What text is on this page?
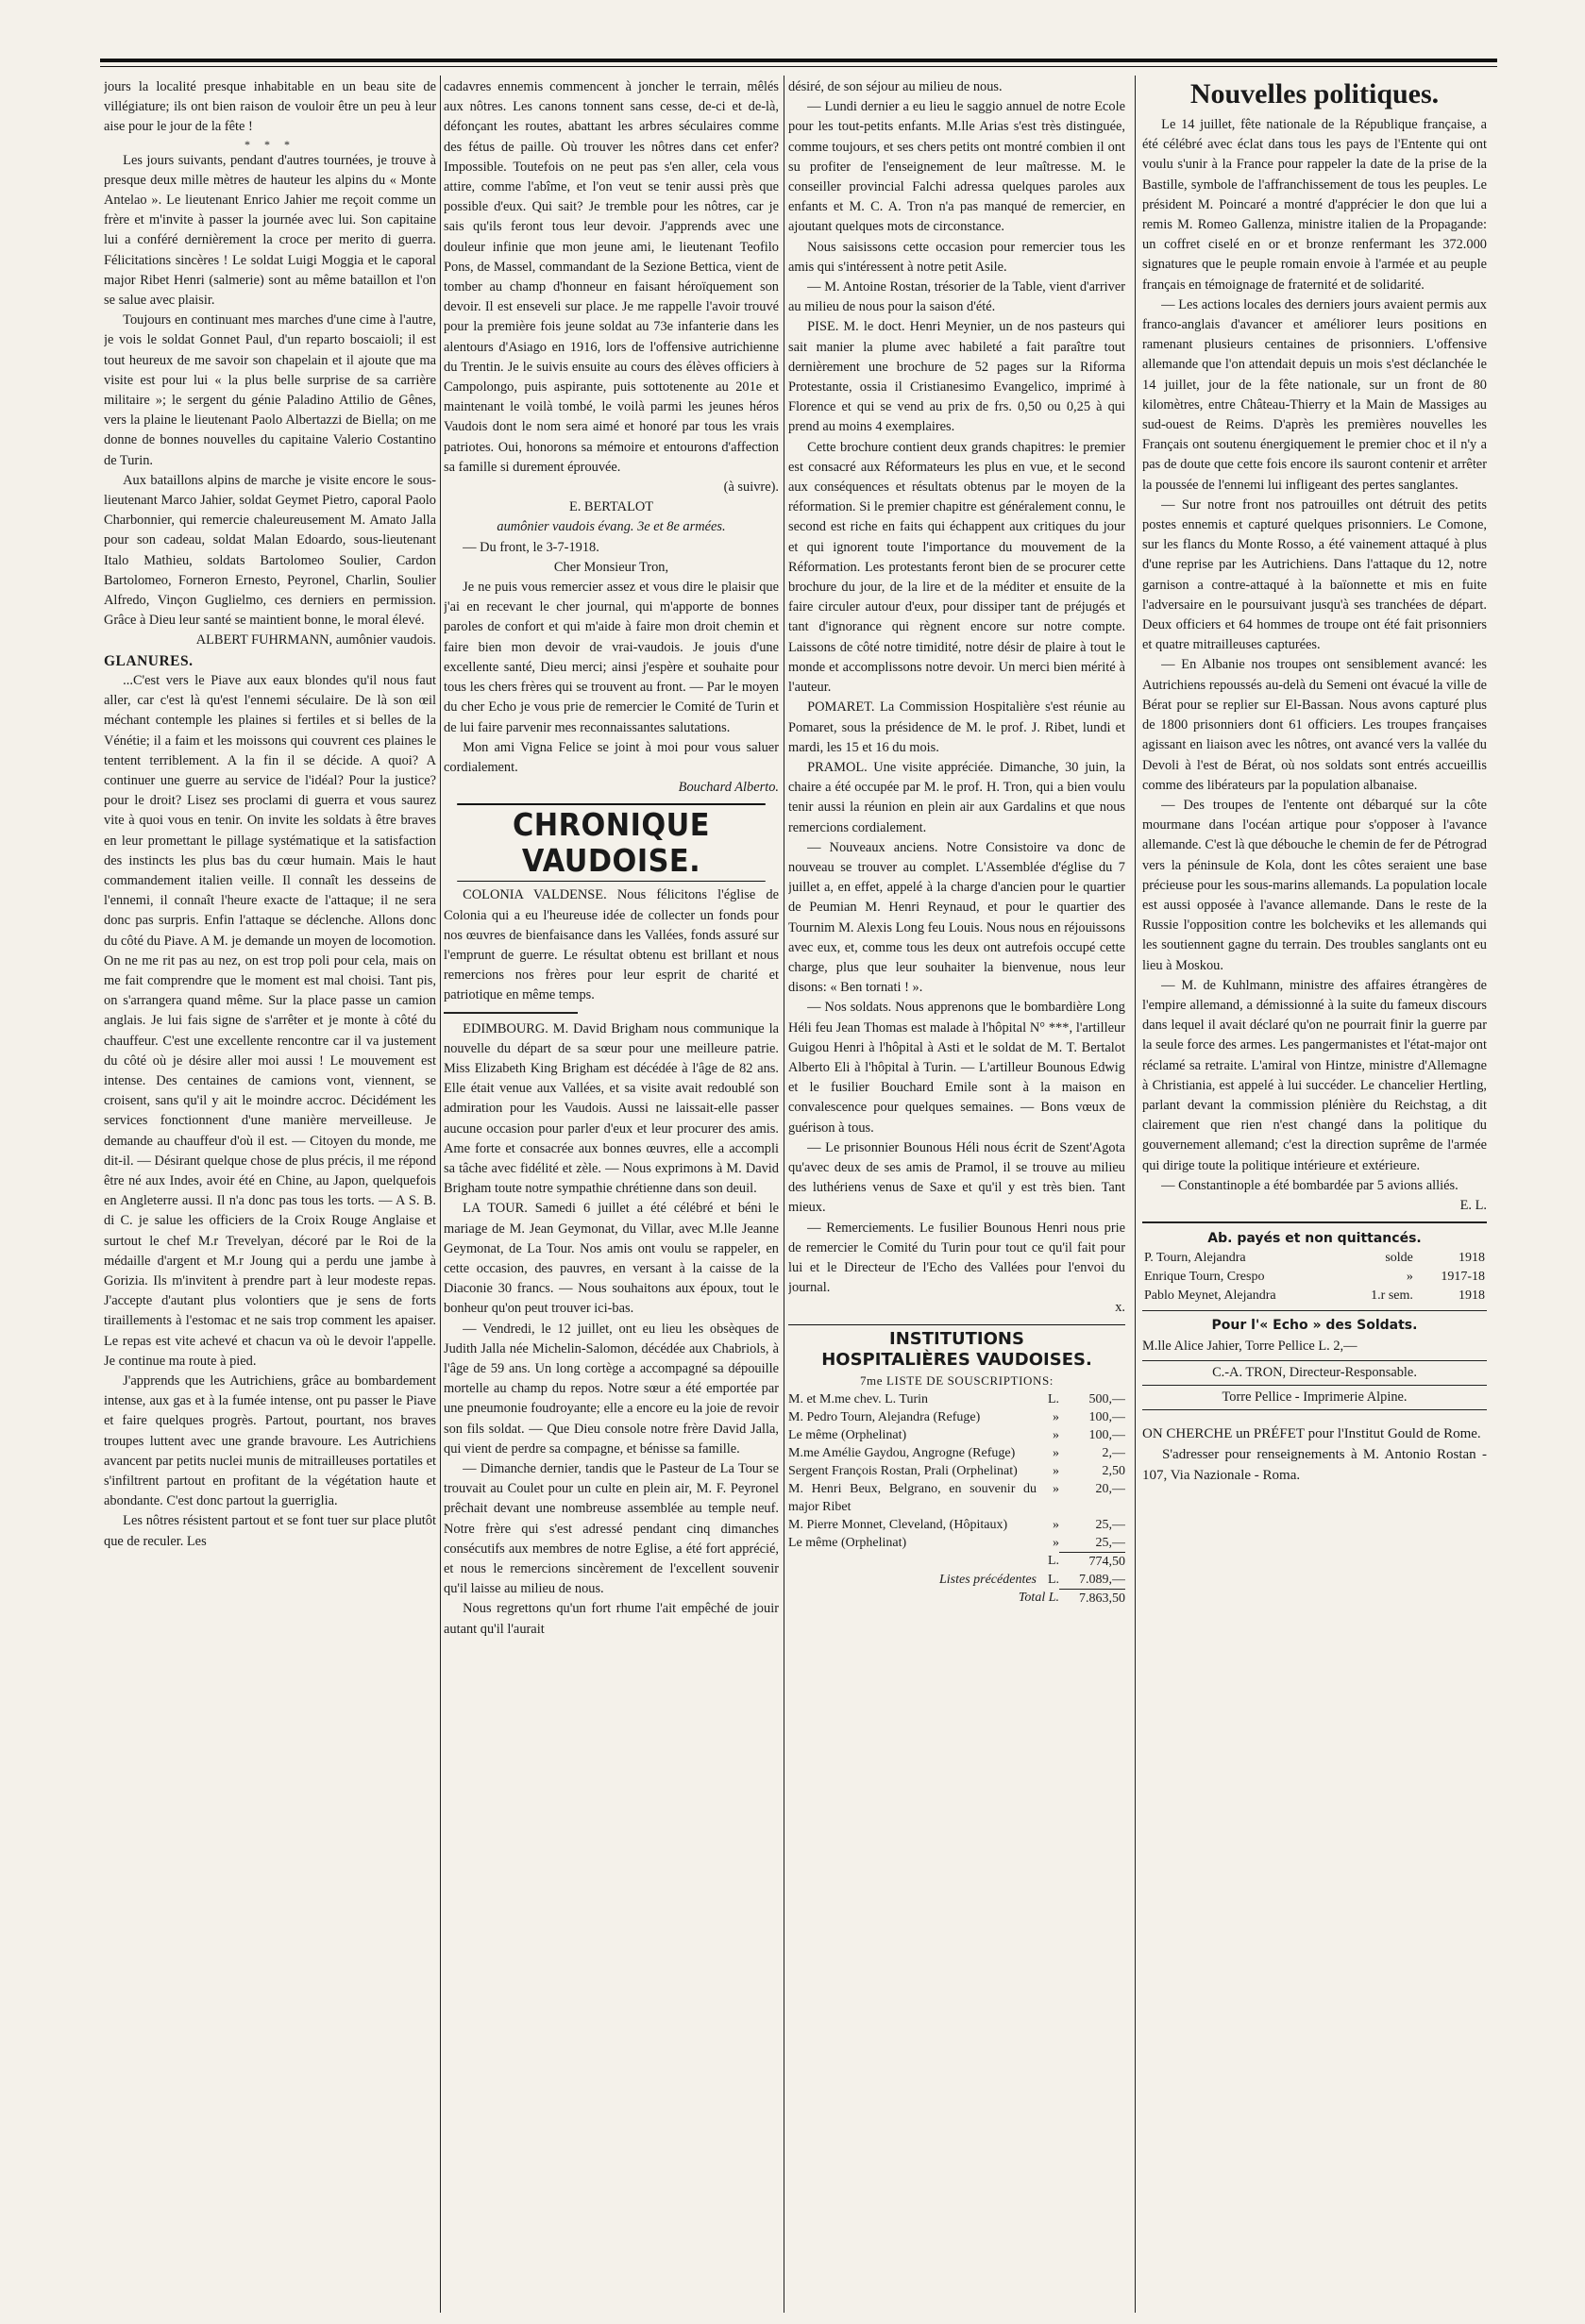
jours la localité presque inhabitable en un beau site de villégiature; ils ont bien raison de vouloir être un peu à leur aise pour le jour de la fête !

* * *

Les jours suivants, pendant d'autres tournées, je trouve à presque deux mille mètres de hauteur les alpins du « Monte Antelao ». Le lieutenant Enrico Jahier me reçoit comme un frère et m'invite à passer la journée avec lui. Son capitaine lui a conféré dernièrement la croce per merito di guerra. Félicitations sincères ! Le soldat Luigi Moggia et le caporal major Ribet Henri (salmerie) sont au même bataillon et l'on se salue avec plaisir.

Toujours en continuant mes marches d'une cime à l'autre, je vois le soldat Gonnet Paul, d'un reparto boscaioli; il est tout heureux de me savoir son chapelain et il ajoute que ma visite est pour lui « la plus belle surprise de sa carrière militaire »; le sergent du génie Paladino Attilio de Gênes, vers la plaine le lieutenant Paolo Albertazzi de Biella; on me donne de bonnes nouvelles du capitaine Valerio Costantino de Turin.

Aux bataillons alpins de marche je visite encore le sous-lieutenant Marco Jahier, soldat Geymet Pietro, caporal Paolo Charbonnier, qui remercie chaleureusement M. Amato Jalla pour son cadeau, soldat Malan Edoardo, sous-lieutenant Italo Mathieu, soldats Bartolomeo Soulier, Cardon Bartolomeo, Forneron Ernesto, Peyronel, Charlin, Soulier Alfredo, Vinçon Guglielmo, ces derniers en permission. Grâce à Dieu leur santé se maintient bonne, le moral élevé.

ALBERT FUHRMANN, aumônier vaudois.

GLANURES.

...C'est vers le Piave aux eaux blondes qu'il nous faut aller, car c'est là qu'est l'ennemi séculaire. De là son œil méchant contemple les plaines si fertiles et si belles de la Vénétie; il a faim et les moissons qui couvrent ces plaines le tentent terriblement. A la fin il se décide. A quoi? A continuer une guerre au service de l'idéal? Pour la justice? pour le droit? Lisez ses proclami di guerra et vous saurez vite à quoi vous en tenir. On invite les soldats à être braves en leur promettant le pillage systématique et la satisfaction des instincts les plus bas du cœur humain. Mais le haut commandement italien veille. Il connaît les desseins de l'ennemi, il connaît l'heure exacte de l'attaque; il ne sera donc pas surpris. Enfin l'attaque se déclenche. Allons donc du côté du Piave. A M. je demande un moyen de locomotion. On ne me rit pas au nez, on est trop poli pour cela, mais on me fait comprendre que le moment est mal choisi. Tant pis, on s'arrangera quand même. Sur la place passe un camion anglais. Je lui fais signe de s'arrêter et je monte à côté du chauffeur. C'est une excellente rencontre car il va justement du côté où je désire aller moi aussi ! Le mouvement est intense. Des centaines de camions vont, viennent, se croisent, sans qu'il y ait le moindre accroc. Décidément les services fonctionnent d'une manière merveilleuse. Je demande au chauffeur d'où il est. — Citoyen du monde, me dit-il. — Désirant quelque chose de plus précis, il me répond être né aux Indes, avoir été en Chine, au Japon, quelquefois en Angleterre aussi. Il n'a donc pas tous les torts. — A S. B. di C. je salue les officiers de la Croix Rouge Anglaise et surtout le chef M.r Trevelyan, décoré par le Roi de la médaille d'argent et M.r Joung qui a perdu une jambe à Gorizia. Ils m'invitent à prendre part à leur modeste repas. J'accepte d'autant plus volontiers que je sens de forts tiraillements à l'estomac et ne sais trop comment les apaiser. Le repas est vite achevé et chacun va où le devoir l'appelle. Je continue ma route à pied.

J'apprends que les Autrichiens, grâce au bombardement intense, aux gas et à la fumée intense, ont pu passer le Piave et faire quelques progrès. Partout, pourtant, nos braves troupes luttent avec une grande bravoure. Les Autrichiens avancent par petits nuclei munis de mitrailleuses portatiles et s'infiltrent partout en profitant de la végétation haute et abondante. C'est donc partout la guerriglia.

Les nôtres résistent partout et se font tuer sur place plutôt que de reculer. Les

cadavres ennemis commencent à joncher le terrain, mêlés aux nôtres. Les canons tonnent sans cesse, de-ci et de-là, défonçant les routes, abattant les arbres séculaires comme des fétus de paille. Où trouver les nôtres dans cet enfer? Impossible. Toutefois on ne peut pas s'en aller, cela vous attire, comme l'abîme, et l'on veut se tenir aussi près que possible d'eux. Qui sait? Je tremble pour les nôtres, car je sais qu'ils feront tous leur devoir. J'apprends avec une douleur infinie que mon jeune ami, le lieutenant Teofilo Pons, de Massel, commandant de la Sezione Bettica, vient de tomber au champ d'honneur en faisant héroïquement son devoir. Il est enseveli sur place. Je me rappelle l'avoir trouvé pour la première fois jeune soldat au 73e infanterie dans les alentours d'Asiago en 1916, lors de l'offensive autrichienne du Trentin. Je le suivis ensuite au cours des élèves officiers à Campolongo, puis aspirante, puis sottotenente au 201e et maintenant le voilà tombé, le voilà parmi les jeunes héros Vaudois dont le nom sera aimé et honoré par tous les vrais patriotes. Oui, honorons sa mémoire et entourons d'affection sa famille si durement éprouvée.

(à suivre).

E. BERTALOT

aumônier vaudois évang. 3e et 8e armées.

— Du front, le 3-7-1918.

Cher Monsieur Tron,

Je ne puis vous remercier assez et vous dire le plaisir que j'ai en recevant le cher journal, qui m'apporte de bonnes paroles de confort et qui m'aide à faire mon droit chemin et faire bien mon devoir de vrai-vaudois. Je jouis d'une excellente santé, Dieu merci; ainsi j'espère et souhaite pour tous les chers frères qui se trouvent au front. — Par le moyen du cher Echo je vous prie de remercier le Comité de Turin et de lui faire parvenir mes reconnaissantes salutations.

Mon ami Vigna Felice se joint à moi pour vous saluer cordialement.

Bouchard Alberto.

CHRONIQUE VAUDOISE.

COLONIA VALDENSE. Nous félicitons l'église de Colonia qui a eu l'heureuse idée de collecter un fonds pour nos œuvres de bienfaisance dans les Vallées, fonds assuré sur l'emprunt de guerre. Le résultat obtenu est brillant et nous remercions nos frères pour leur esprit de charité et patriotique en même temps.

EDIMBOURG. M. David Brigham nous communique la nouvelle du départ de sa sœur pour une meilleure patrie. Miss Elizabeth King Brigham est décédée à l'âge de 82 ans. Elle était venue aux Vallées, et sa visite avait redoublé son admiration pour les Vaudois. Aussi ne laissait-elle passer aucune occasion pour parler d'eux et leur procurer des amis. Ame forte et consacrée aux bonnes œuvres, elle a accompli sa tâche avec fidélité et zèle. — Nous exprimons à M. David Brigham toute notre sympathie chrétienne dans son deuil.

LA TOUR. Samedi 6 juillet a été célébré et béni le mariage de M. Jean Geymonat, du Villar, avec M.lle Jeanne Geymonat, de La Tour. Nos amis ont voulu se rappeler, en cette occasion, des pauvres, en versant à la caisse de la Diaconie 30 francs. — Nous souhaitons aux époux, tout le bonheur qu'on peut trouver ici-bas.

— Vendredi, le 12 juillet, ont eu lieu les obsèques de Judith Jalla née Michelin-Salomon, décédée aux Chabriols, à l'âge de 59 ans. Un long cortège a accompagné sa dépouille mortelle au champ du repos. Notre sœur a été emportée par une pneumonie foudroyante; elle a encore eu la joie de revoir son fils soldat. — Que Dieu console notre frère David Jalla, qui vient de perdre sa compagne, et bénisse sa famille.

— Dimanche dernier, tandis que le Pasteur de La Tour se trouvait au Coulet pour un culte en plein air, M. F. Peyronel prêchait devant une nombreuse assemblée au temple neuf. Notre frère qui s'est adressé pendant cinq dimanches consécutifs aux membres de notre Eglise, a été fort apprécié, et nous le remercions sincèrement de l'excellent souvenir qu'il laisse au milieu de nous.

Nous regrettons qu'un fort rhume l'ait empêché de jouir autant qu'il l'aurait

désiré, de son séjour au milieu de nous.

— Lundi dernier a eu lieu le saggio annuel de notre Ecole pour les tout-petits enfants. M.lle Arias s'est très distinguée, comme toujours, et ses chers petits ont montré combien il ont su profiter de l'enseignement de leur maîtresse. M. le conseiller provincial Falchi adressa quelques paroles aux enfants et M. C. A. Tron n'a pas manqué de remercier, en ajoutant quelques mots de circonstance.

Nous saisissons cette occasion pour remercier tous les amis qui s'intéressent à notre petit Asile.

— M. Antoine Rostan, trésorier de la Table, vient d'arriver au milieu de nous pour la saison d'été.

PISE. M. le doct. Henri Meynier, un de nos pasteurs qui sait manier la plume avec habileté a fait paraître tout dernièrement une brochure de 52 pages sur la Riforma Protestante, ossia il Cristianesimo Evangelico, imprimé à Florence et qui se vend au prix de frs. 0,50 ou 0,25 à qui prend au moins 4 exemplaires.

Cette brochure contient deux grands chapitres: le premier est consacré aux Réformateurs les plus en vue, et le second aux conséquences et résultats obtenus par le moyen de la réformation. Si le premier chapitre est généralement connu, le second est riche en faits qui échappent aux critiques du jour et qui ignorent toute l'importance du mouvement de la Réformation. Les protestants feront bien de se procurer cette brochure du jour, de la lire et de la méditer et ensuite de la faire circuler autour d'eux, pour dissiper tant de préjugés et tant d'ignorance qui règnent encore sur notre compte. Laissons de côté notre timidité, notre désir de plaire à tout le monde et accomplissons notre devoir. Un merci bien mérité à l'auteur.

POMARET. La Commission Hospitalière s'est réunie au Pomaret, sous la présidence de M. le prof. J. Ribet, lundi et mardi, les 15 et 16 du mois.

PRAMOL. Une visite appréciée. Dimanche, 30 juin, la chaire a été occupée par M. le prof. H. Tron, qui a bien voulu tenir aussi la réunion en plein air aux Gardalins et que nous remercions cordialement.

— Nouveaux anciens. Notre Consistoire va donc de nouveau se trouver au complet. L'Assemblée d'église du 7 juillet a, en effet, appelé à la charge d'ancien pour le quartier de Peumian M. Henri Reynaud, et pour le quartier des Tournim M. Alexis Long feu Louis. Nous nous en réjouissons avec eux, et, comme tous les deux ont autrefois occupé cette charge, plus que leur souhaiter la bienvenue, nous leur disons: « Ben tornati ! ».

— Nos soldats. Nous apprenons que le bombardière Long Héli feu Jean Thomas est malade à l'hôpital N° ***, l'artilleur Guigou Henri à l'hôpital à Asti et le soldat de M. T. Bertalot Alberto Eli à l'hôpital à Turin. — L'artilleur Bounous Edwig et le fusilier Bouchard Emile sont à la maison en convalescence pour quelques semaines. — Bons vœux de guérison à tous.

— Le prisonnier Bounous Héli nous écrit de Szent'Agota qu'avec deux de ses amis de Pramol, il se trouve au milieu des luthériens venus de Saxe et qu'il y est très bien. Tant mieux.

— Remerciements. Le fusilier Bounous Henri nous prie de remercier le Comité du Turin pour tout ce qu'il fait pour lui et le Directeur de l'Echo des Vallées pour l'envoi du journal.

x.

INSTITUTIONS
HOSPITALIÈRES VAUDOISES.
7me LISTE DE SOUSCRIPTIONS:
M. et M.me chev. L. Turin	L.	500,—
M. Pedro Tourn, Alejandra (Refuge)	»	100,—
Le même (Orphelinat)	»	100,—
M.me Amélie Gaydou, Angrogne (Refuge)	»	2,—
Sergent François Rostan, Prali (Orphelinat)	»	2,50
M. Henri Beux, Belgrano, en souvenir du major Ribet	»	20,—
M. Pierre Monnet, Cleveland, (Hôpitaux)	»	25,—
Le même (Orphelinat)	»	25,—
	L.	774,50
Listes précédentes	L.	7.089,—
Total L.		7.863,50
Nouvelles politiques.

Le 14 juillet, fête nationale de la République française, a été célébré avec éclat dans tous les pays de l'Entente qui ont voulu s'unir à la France pour rappeler la date de la prise de la Bastille, symbole de l'affranchissement de tous les peuples. Le président M. Poincaré a montré d'apprécier le don que lui a remis M. Romeo Gallenza, ministre italien de la Propagande: un coffret ciselé en or et bronze renfermant les 372.000 signatures que le peuple romain envoie à l'armée et au peuple français en témoignage de fraternité et de solidarité.

— Les actions locales des derniers jours avaient permis aux franco-anglais d'avancer et améliorer leurs positions en ramenant plusieurs centaines de prisonniers. L'offensive allemande que l'on attendait depuis un mois s'est déclanchée le 14 juillet, jour de la fête nationale, sur un front de 80 kilomètres, entre Château-Thierry et la Main de Massiges au sud-ouest de Reims. D'après les premières nouvelles les Français ont soutenu énergiquement le premier choc et il n'y a pas de doute que cette fois encore ils sauront contenir et arrêter la poussée de l'ennemi lui infligeant des pertes sanglantes.

— Sur notre front nos patrouilles ont détruit des petits postes ennemis et capturé quelques prisonniers. Le Comone, sur les flancs du Monte Rosso, a été vainement attaqué à plus d'une reprise par les Autrichiens. Dans l'attaque du 12, notre garnison a contre-attaqué à la baïonnette et mis en fuite l'adversaire en le poursuivant jusqu'à ses tranchées de départ. Deux officiers et 64 hommes de troupe ont été fait prisonniers et quatre mitrailleuses capturées.

— En Albanie nos troupes ont sensiblement avancé: les Autrichiens repoussés au-delà du Semeni ont évacué la ville de Bérat pour se replier sur El-Bassan. Nous avons capturé plus de 1800 prisonniers dont 61 officiers. Les troupes françaises agissant en liaison avec les nôtres, ont avancé vers la vallée du Devoli à l'est de Bérat, où nos soldats sont entrés accueillis comme des libérateurs par la population albanaise.

— Des troupes de l'entente ont débarqué sur la côte mourmane dans l'océan artique pour s'opposer à l'avance allemande. C'est là que débouche le chemin de fer de Pétrograd vers la péninsule de Kola, dont les côtes seraient une base précieuse pour les sous-marins allemands. La population locale est aussi opposée à l'avance allemande. Dans le reste de la Russie l'opposition contre les bolcheviks et les allemands qui les soutiennent gagne du terrain. Des troubles sanglants ont eu lieu à Moskou.

— M. de Kuhlmann, ministre des affaires étrangères de l'empire allemand, a démissionné à la suite du fameux discours dans lequel il avait déclaré qu'on ne pourrait finir la guerre par la seule force des armes. Les pangermanistes et l'état-major ont réclamé sa retraite. L'amiral von Hintze, ministre d'Allemagne à Christiania, est appelé à lui succéder. Le chancelier Hertling, parlant devant la commission plénière du Reichstag, a dit clairement que rien n'est changé dans la politique du gouvernement allemand; c'est la direction suprême de l'armée qui dirige toute la politique intérieure et extérieure.

— Constantinople a été bombardée par 5 avions alliés.

E. L.

Ab. payés et non quittancés.
P. Tourn, Alejandra	solde	1918
Enrique Tourn, Crespo	»	1917-18
Pablo Meynet, Alejandra	1.r sem.	1918
Pour l'« Echo » des Soldats.

M.lle Alice Jahier, Torre Pellice L. 2,—

C.-A. TRON, Directeur-Responsable.
Torre Pellice - Imprimerie Alpine.

ON CHERCHE un PRÉFET pour l'Institut Gould de Rome.

S'adresser pour renseignements à M. Antonio Rostan - 107, Via Nazionale - Roma.
